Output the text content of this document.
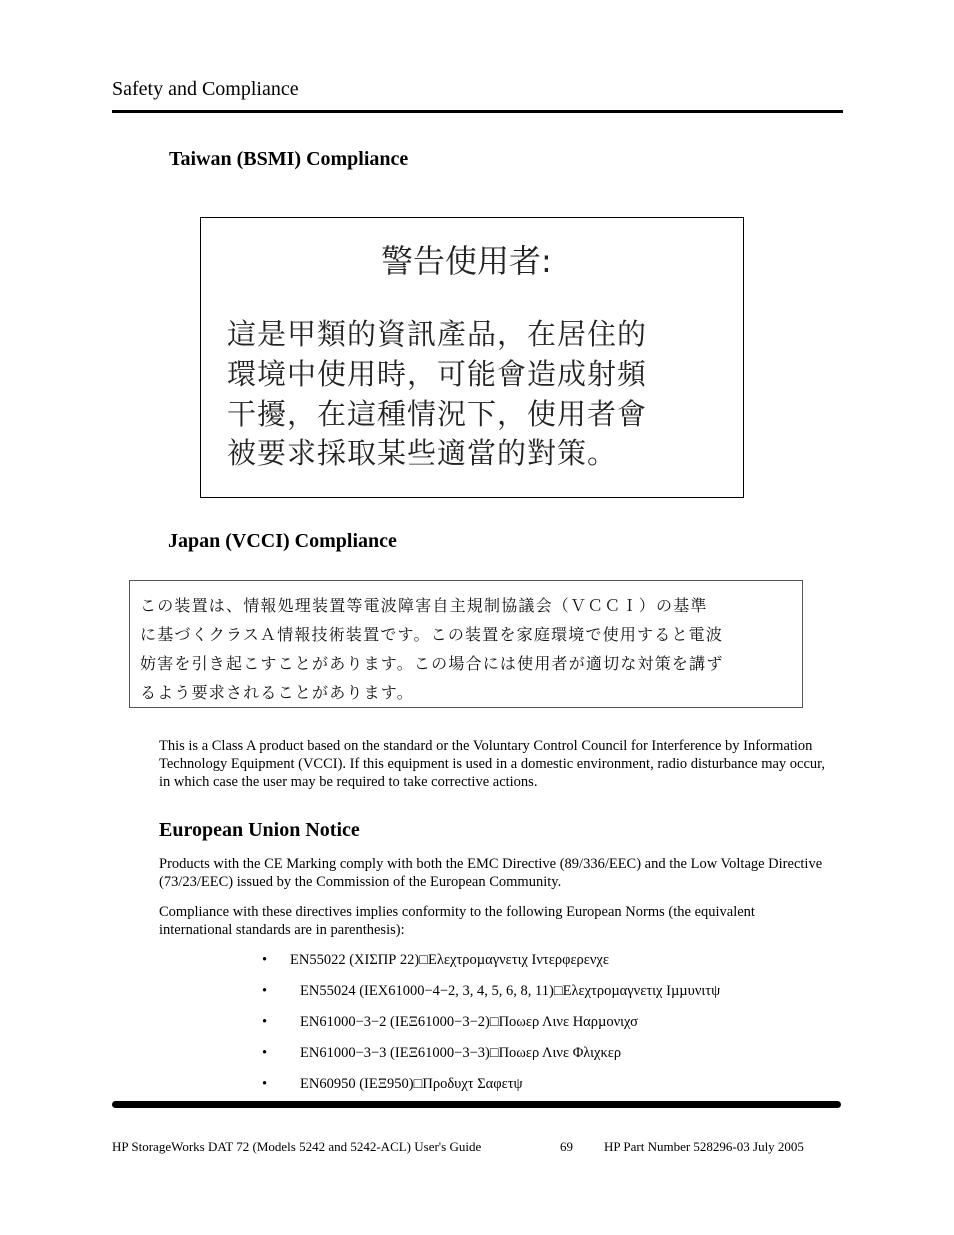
Safety and Compliance
Taiwan (BSMI) Compliance
警告使用者:
這是甲類的資訊產品，在居住的
環境中使用時，可能會造成射頻
干擾，在這種情況下，使用者會
被要求採取某些適當的對策。
Japan (VCCI) Compliance
この装置は、情報処理装置等電波障害自主規制協議会（ＶＣＣＩ）の基準
に基づくクラスＡ情報技術装置です。この装置を家庭環境で使用すると電波
妨害を引き起こすことがあります。この場合には使用者が適切な対策を講ず
るよう要求されることがあります。
This is a Class A product based on the standard or the Voluntary Control Council for Interference by Information Technology Equipment (VCCI). If this equipment is used in a domestic environment, radio disturbance may occur, in which case the user may be required to take corrective actions.
European Union Notice
Products with the CE Marking comply with both the EMC Directive (89/336/EEC) and the Low Voltage Directive (73/23/EEC) issued by the Commission of the European Community.
Compliance with these directives implies conformity to the following European Norms (the equivalent international standards are in parenthesis):
• EN55022 (ΧΙΣΠΡ 22)□Ελεχτροµαγνετιχ Ιντερφερενχε
• EN55024 (ΙΕΧ61000−4−2, 3, 4, 5, 6, 8, 11)□Ελεχτροµαγνετιχ Ιµµυνιτψ
• EN61000−3−2 (ΙΕΞ61000−3−2)□Ποωερ Λινε Ηαρµονιχσ
• EN61000−3−3 (ΙΕΞ61000−3−3)□Ποωερ Λινε Φλιχκερ
• EN60950 (ΙΕΞ950)□Προδυχτ Σαφετψ
HP StorageWorks DAT 72 (Models 5242 and 5242-ACL) User's Guide	69 HP Part Number 528296-03 July 2005
